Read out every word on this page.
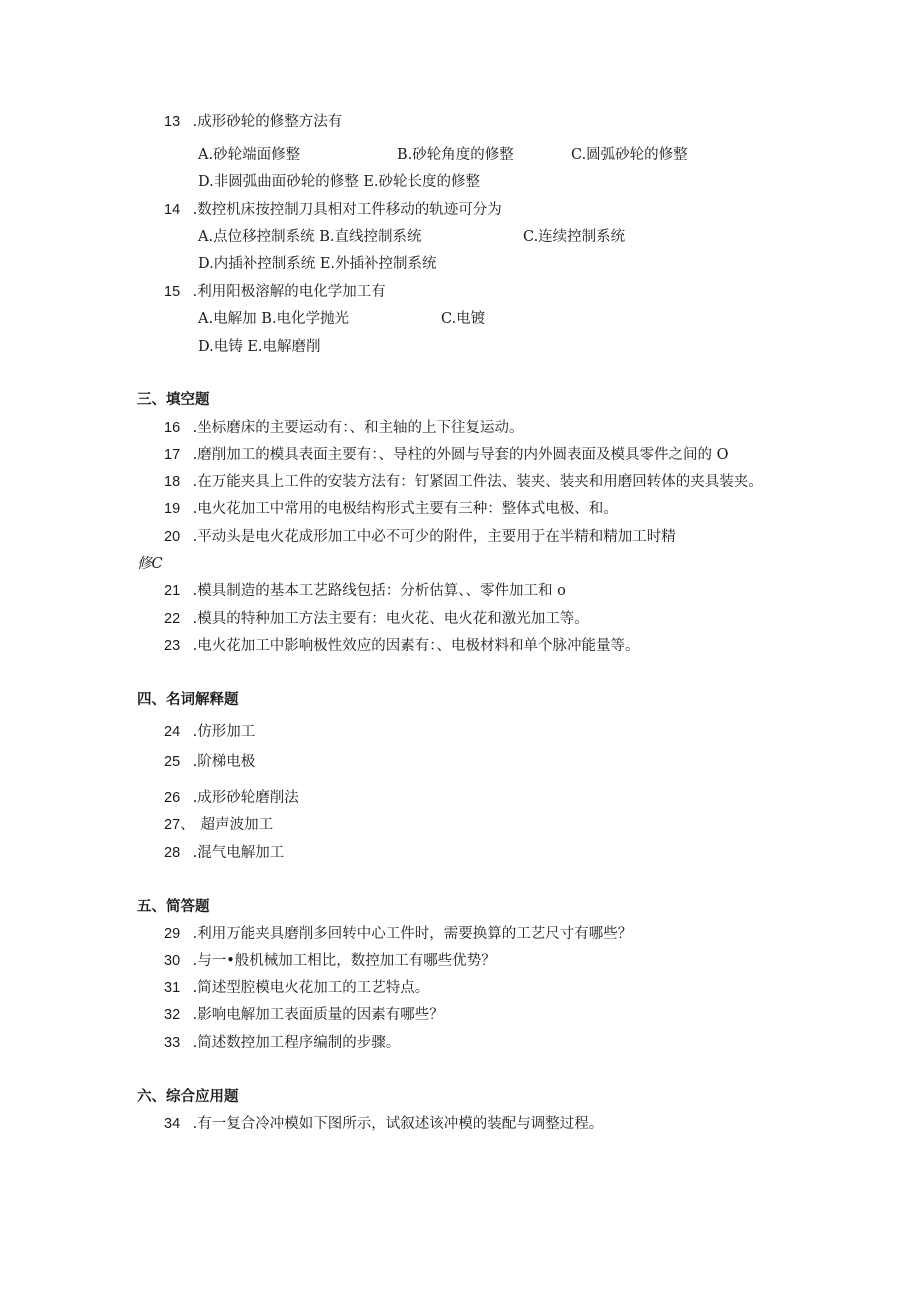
13 .成形砂轮的修整方法有
A.砂轮端面修整	B.砂轮角度的修整	C.圆弧砂轮的修整
D.非圆弧曲面砂轮的修整 E.砂轮长度的修整
14 .数控机床按控制刀具相对工件移动的轨迹可分为
A.点位移控制系统 B.直线控制系统	C.连续控制系统
D.内插补控制系统 E.外插补控制系统
15 .利用阳极溶解的电化学加工有
A.电解加 B.电化学抛光	C.电镀
D.电铸 E.电解磨削
三、填空题
16 .坐标磨床的主要运动有：、和主轴的上下往复运动。
17 .磨削加工的模具表面主要有：、导柱的外圆与导套的内外圆表面及模具零件之间的 O
18 .在万能夹具上工件的安装方法有：钉紧固工件法、装夹、装夹和用磨回转体的夹具装夹。
19 .电火花加工中常用的电极结构形式主要有三种：整体式电极、和。
20 .平动头是电火花成形加工中必不可少的附件，主要用于在半精和精加工时精
修C
21 .模具制造的基本工艺路线包括：分析估算、、零件加工和 o
22 .模具的特种加工方法主要有：电火花、电火花和激光加工等。
23 .电火花加工中影响极性效应的因素有：、电极材料和单个脉冲能量等。
四、名词解释题
24 .仿形加工
25 .阶梯电极
26 .成形砂轮磨削法
27、 超声波加工
28 .混气电解加工
五、简答题
29 .利用万能夹具磨削多回转中心工件时，需要换算的工艺尺寸有哪些？
30 .与一•般机械加工相比，数控加工有哪些优势？
31 .简述型腔模电火花加工的工艺特点。
32 .影响电解加工表面质量的因素有哪些？
33 .简述数控加工程序编制的步骤。
六、综合应用题
34 .有一复合冷冲模如下图所示，试叙述该冲模的装配与调整过程。
